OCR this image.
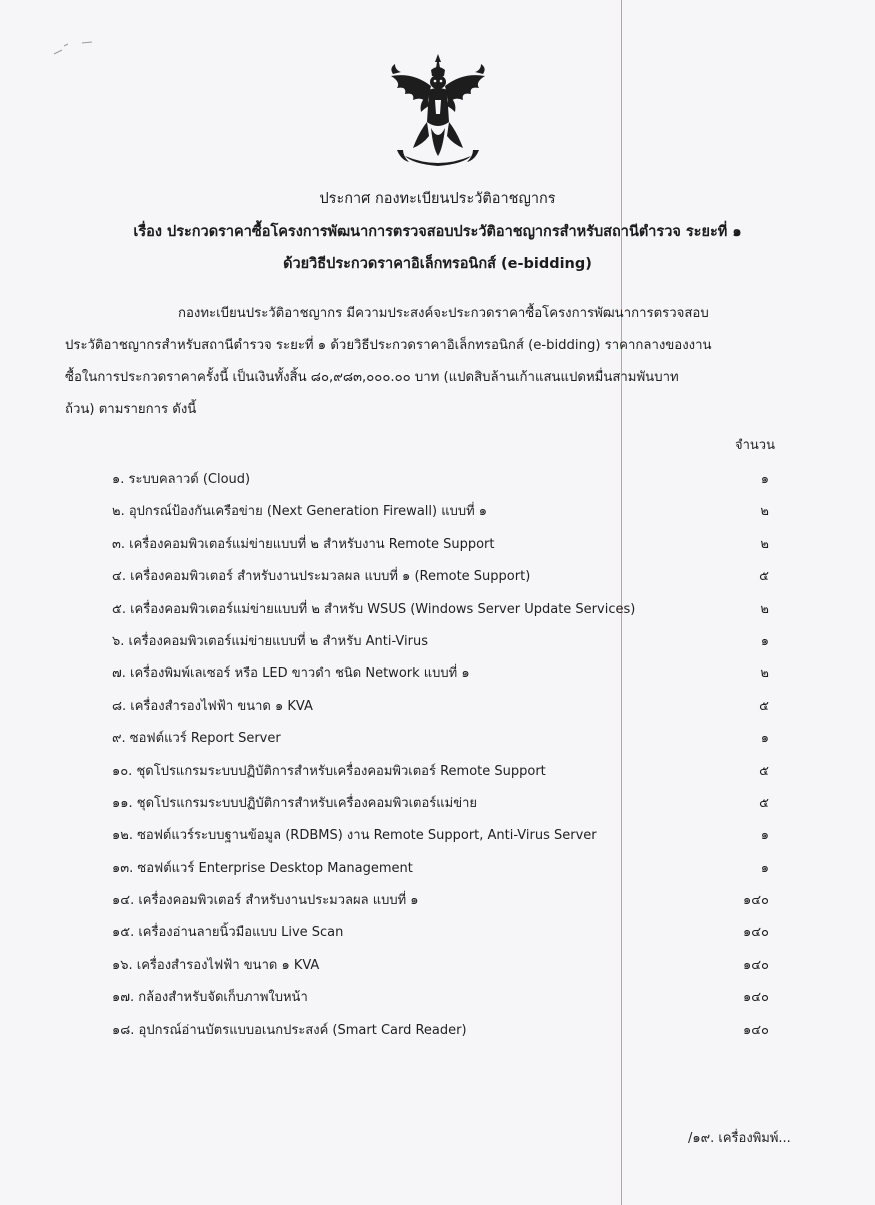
ประกาศ กองทะเบียนประวัติอาชญากร
เรื่อง ประกวดราคาซื้อโครงการพัฒนาการตรวจสอบประวัติอาชญากรสำหรับสถานีตำรวจ ระยะที่ ๑
ด้วยวิธีประกวดราคาอิเล็กทรอนิกส์ (e-bidding)
กองทะเบียนประวัติอาชญากร มีความประสงค์จะประกวดราคาซื้อโครงการพัฒนาการตรวจสอบ
ประวัติอาชญากรสำหรับสถานีตำรวจ ระยะที่ ๑ ด้วยวิธีประกวดราคาอิเล็กทรอนิกส์ (e-bidding) ราคากลางของงาน
ซื้อในการประกวดราคาครั้งนี้ เป็นเงินทั้งสิ้น ๘๐,๙๘๓,๐๐๐.๐๐ บาท (แปดสิบล้านเก้าแสนแปดหมื่นสามพันบาท
ถ้วน) ตามรายการ ดังนี้
จำนวน
๑. ระบบคลาวด์ (Cloud)	๑
๒. อุปกรณ์ป้องกันเครือข่าย (Next Generation Firewall) แบบที่ ๑	๒
๓. เครื่องคอมพิวเตอร์แม่ข่ายแบบที่ ๒ สำหรับงาน Remote Support	๒
๔. เครื่องคอมพิวเตอร์ สำหรับงานประมวลผล แบบที่ ๑ (Remote Support)	๕
๕. เครื่องคอมพิวเตอร์แม่ข่ายแบบที่ ๒ สำหรับ WSUS (Windows Server Update Services)	๒
๖. เครื่องคอมพิวเตอร์แม่ข่ายแบบที่ ๒ สำหรับ Anti-Virus	๑
๗. เครื่องพิมพ์เลเซอร์ หรือ LED ขาวดำ ชนิด Network แบบที่ ๑	๒
๘. เครื่องสำรองไฟฟ้า ขนาด ๑ KVA	๕
๙. ซอฟต์แวร์ Report Server	๑
๑๐. ชุดโปรแกรมระบบปฏิบัติการสำหรับเครื่องคอมพิวเตอร์ Remote Support	๕
๑๑. ชุดโปรแกรมระบบปฏิบัติการสำหรับเครื่องคอมพิวเตอร์แม่ข่าย	๕
๑๒. ซอฟต์แวร์ระบบฐานข้อมูล (RDBMS) งาน Remote Support, Anti-Virus Server	๑
๑๓. ซอฟต์แวร์ Enterprise Desktop Management	๑
๑๔. เครื่องคอมพิวเตอร์ สำหรับงานประมวลผล แบบที่ ๑	๑๔๐
๑๕. เครื่องอ่านลายนิ้วมือแบบ Live Scan	๑๔๐
๑๖. เครื่องสำรองไฟฟ้า ขนาด ๑ KVA	๑๔๐
๑๗. กล้องสำหรับจัดเก็บภาพใบหน้า	๑๔๐
๑๘. อุปกรณ์อ่านบัตรแบบอเนกประสงค์ (Smart Card Reader)	๑๔๐
/๑๙. เครื่องพิมพ์...
